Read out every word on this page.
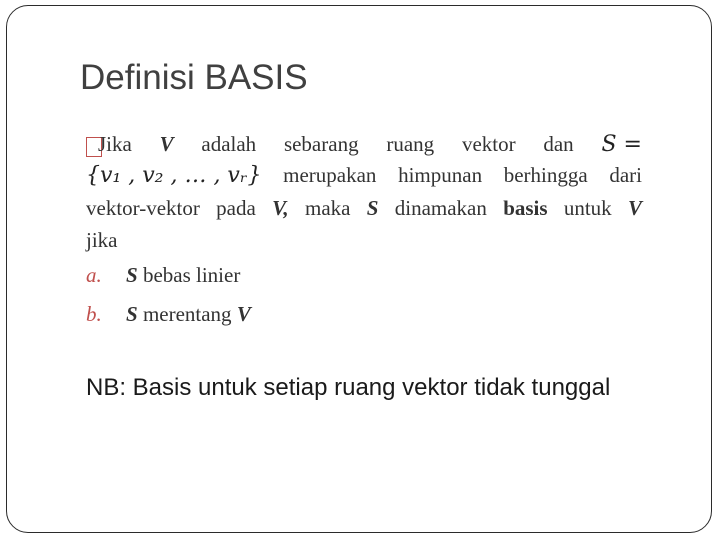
Definisi BASIS
Jika V adalah sebarang ruang vektor dan S =
{v₁ , v₂ , … , vᵣ} merupakan himpunan berhingga dari
vektor-vektor pada V, maka S dinamakan basis untuk V
jika
a. S bebas linier
b. S merentang V
NB: Basis untuk setiap ruang vektor tidak tunggal
